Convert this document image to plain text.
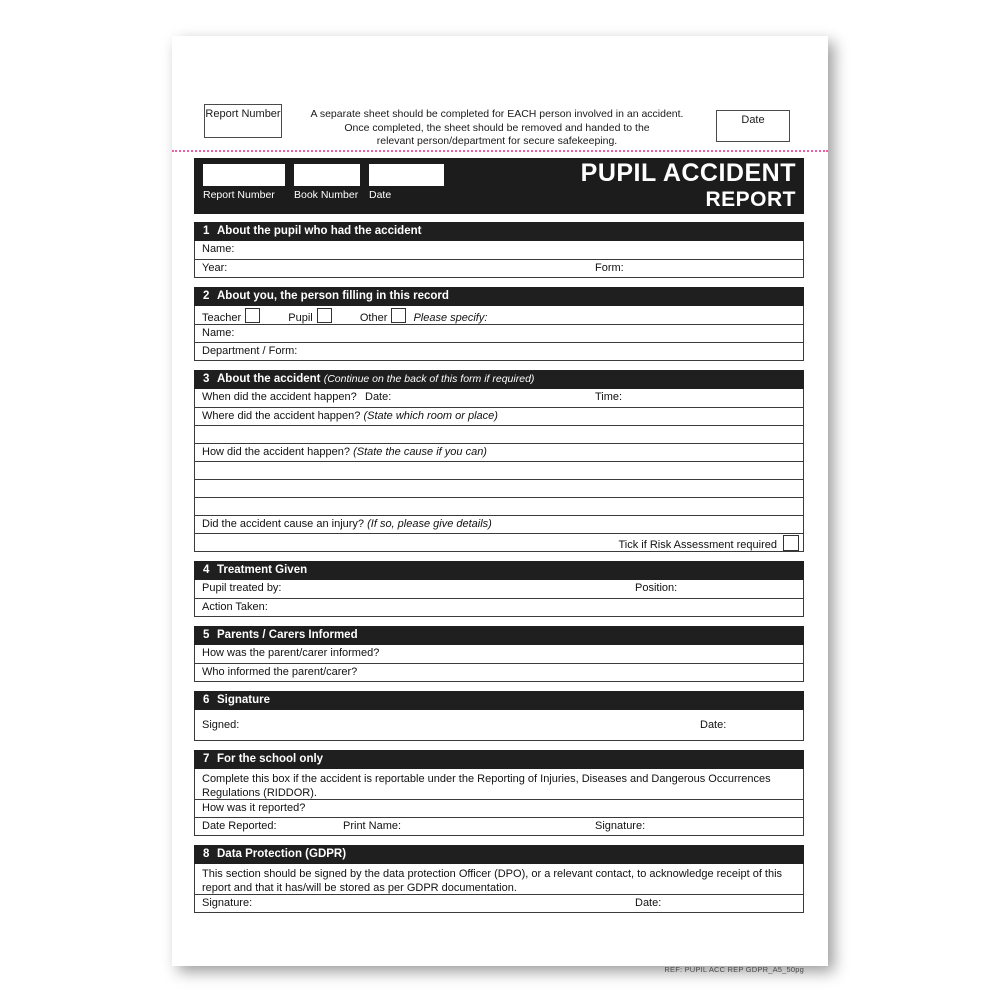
Report Number	A separate sheet should be completed for EACH person involved in an accident.
Once completed, the sheet should be removed and handed to the
relevant person/department for secure safekeeping.
Date
Report Number	Book Number Date
PUPIL ACCIDENT
REPORT
1 About the pupil who had the accident
Name:
Year:	Form:
2 About you, the person filling in this record
Teacher	Pupil	Other Please specify:
Name:
Department / Form:
3 About the accident (Continue on the back of this form if required)
When did the accident happen? Date:	Time:
Where did the accident happen? (State which room or place)
How did the accident happen? (State the cause if you can)
Did the accident cause an injury? (If so, please give details)
Tick if Risk Assessment required
4 Treatment Given
Pupil treated by:	Position:
Action Taken:
5 Parents / Carers Informed
How was the parent/carer informed?
Who informed the parent/carer?
6 Signature
Signed:	Date:
7 For the school only
Complete this box if the accident is reportable under the Reporting of Injuries, Diseases and Dangerous Occurrences Regulations (RIDDOR).
How was it reported?
Date Reported:	Print Name:	Signature:
8 Data Protection (GDPR)
This section should be signed by the data protection Officer (DPO), or a relevant contact, to acknowledge receipt of this report and that it has/will be stored as per GDPR documentation.
Signature:	Date:
REF: PUPIL ACC REP GDPR_A5_50pg
